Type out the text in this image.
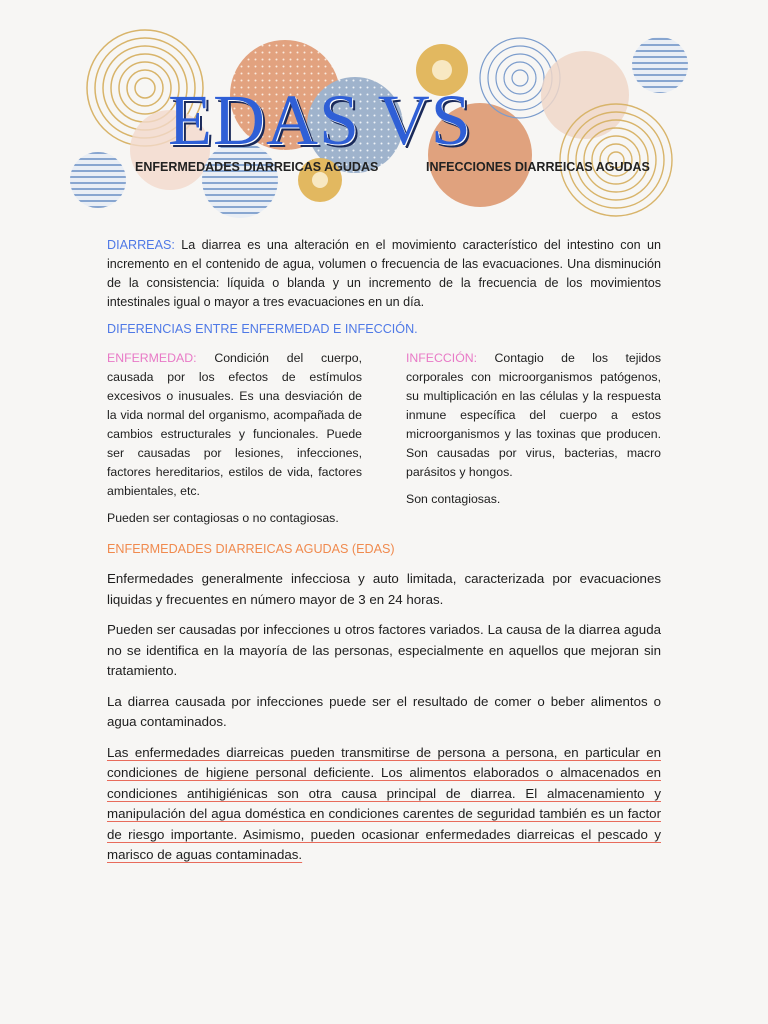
EDAS VS
ENFERMEDADES DIARREICAS AGUDAS	INFECCIONES DIARREICAS AGUDAS

DIARREAS: La diarrea es una alteración en el movimiento característico del intestino con un incremento en el contenido de agua, volumen o frecuencia de las evacuaciones. Una disminución de la consistencia: líquida o blanda y un incremento de la frecuencia de los movimientos intestinales igual o mayor a tres evacuaciones en un día.

DIFERENCIAS ENTRE ENFERMEDAD E INFECCIÓN.

ENFERMEDAD: Condición del cuerpo, causada por los efectos de estímulos excesivos o inusuales. Es una desviación de la vida normal del organismo, acompañada de cambios estructurales y funcionales. Puede ser causadas por lesiones, infecciones, factores hereditarios, estilos de vida, factores ambientales, etc.

Pueden ser contagiosas o no contagiosas.

INFECCIÓN: Contagio de los tejidos corporales con microorganismos patógenos, su multiplicación en las células y la respuesta inmune específica del cuerpo a estos microorganismos y las toxinas que producen. Son causadas por virus, bacterias, macro parásitos y hongos.

Son contagiosas.

ENFERMEDADES DIARREICAS AGUDAS (EDAS)

Enfermedades generalmente infecciosa y auto limitada, caracterizada por evacuaciones liquidas y frecuentes en número mayor de 3 en 24 horas.

Pueden ser causadas por infecciones u otros factores variados. La causa de la diarrea aguda no se identifica en la mayoría de las personas, especialmente en aquellos que mejoran sin tratamiento.

La diarrea causada por infecciones puede ser el resultado de comer o beber alimentos o agua contaminados.

Las enfermedades diarreicas pueden transmitirse de persona a persona, en particular en condiciones de higiene personal deficiente. Los alimentos elaborados o almacenados en condiciones antihigiénicas son otra causa principal de diarrea. El almacenamiento y manipulación del agua doméstica en condiciones carentes de seguridad también es un factor de riesgo importante. Asimismo, pueden ocasionar enfermedades diarreicas el pescado y marisco de aguas contaminadas.
